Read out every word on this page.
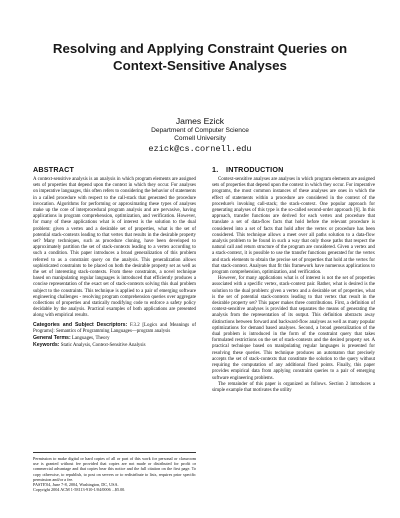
Resolving and Applying Constraint Queries on
Context-Sensitive Analyses
James Ezick
Department of Computer Science
Cornell University
ezick@cs.cornell.edu
ABSTRACT

A context-sensitive analysis is an analysis in which program elements are assigned sets of properties that depend upon the context in which they occur. For analyses on imperative languages, this often refers to considering the behavior of statements in a called procedure with respect to the call-stack that generated the procedure invocation. Algorithms for performing or approximating these types of analyses make up the core of interprocedural program analysis and are pervasive, having applications in program comprehension, optimization, and verification. However, for many of these applications what is of interest is the solution to the dual problem: given a vertex and a desirable set of properties, what is the set of potential stack-contexts leading to that vertex that results in the desirable property set? Many techniques, such as procedure cloning, have been developed to approximately partition the set of stack-contexts leading to a vertex according to such a condition. This paper introduces a broad generalization of this problem referred to as a constraint query on the analysis. This generalization allows sophisticated constraints to be placed on both the desirable property set as well as the set of interesting stack-contexts. From these constraints, a novel technique based on manipulating regular languages is introduced that efficiently produces a concise representation of the exact set of stack-contexts solving this dual problem subject to the constraints. This technique is applied to a pair of emerging software engineering challenges - resolving program comprehension queries over aggregate collections of properties and statically modifying code to enforce a safety policy decidable by the analysis. Practical examples of both applications are presented along with empirical results.

Categories and Subject Descriptors: F.3.2 [Logics and Meanings of Programs]: Semantics of Programming Languages—program analysis

General Terms: Languages, Theory

Keywords: Static Analysis, Context-Sensitive Analysis

Permission to make digital or hard copies of all or part of this work for personal or classroom use is granted without fee provided that copies are not made or distributed for profit or commercial advantage and that copies bear this notice and the full citation on the first page. To copy otherwise, to republish, to post on servers or to redistribute to lists, requires prior specific permission and/or a fee.

PASTE'04, June 7-8, 2004, Washington, DC, USA.

Copyright 2004 ACM 1-58113-910-1/04/0006 ...$5.00.

1. INTRODUCTION

Context-sensitive analyses are analyses in which program elements are assigned sets of properties that depend upon the context in which they occur. For imperative programs, the most common instances of these analyses are ones in which the effect of statements within a procedure are considered in the context of the procedure's invoking call-stack; the stack-context. One popular approach for generating analyses of this type is the so-called second-order approach [6]. In this approach, transfer functions are derived for each vertex and procedure that translate a set of data-flow facts that hold before the relevant procedure is considered into a set of facts that hold after the vertex or procedure has been considered. This technique allows a meet over all paths solution to a data-flow analysis problem to be found in such a way that only those paths that respect the natural call and return structure of the program are considered. Given a vertex and a stack-context, it is possible to use the transfer functions generated for the vertex and stack elements to obtain the precise set of properties that hold at the vertex for that stack-context. Analyses that fit this framework have numerous applications to program comprehension, optimization, and verification.

However, for many applications what is of interest is not the set of properties associated with a specific vertex, stack-context pair. Rather, what is desired is the solution to the dual problem: given a vertex and a desirable set of properties, what is the set of potential stack-contexts leading to that vertex that result in the desirable property set? This paper makes three contributions. First, a definition of context-sensitive analyses is provided that separates the means of generating the analysis from the representation of its output. This definition abstracts away distinctions between forward and backward-flow analyses as well as many popular optimizations for demand based analyses. Second, a broad generalization of the dual problem is introduced in the form of the constraint query that takes formulated restrictions on the set of stack-contexts and the desired property set. A practical technique based on manipulating regular languages is presented for resolving these queries. This technique produces an automaton that precisely accepts the set of stack-contexts that constitute the solution to the query without requiring the computation of any additional fixed points. Finally, this paper provides empirical data from applying constraint queries to a pair of emerging software engineering problems.

The remainder of this paper is organized as follows. Section 2 introduces a simple example that motivates the utility
